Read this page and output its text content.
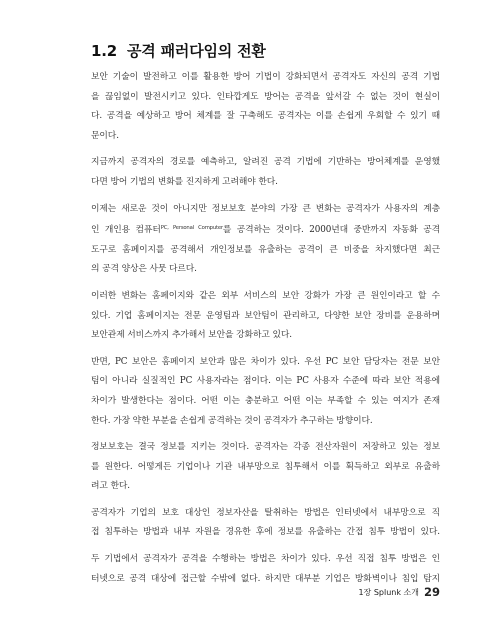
1.2 공격 패러다임의 전환
보안 기술이 발전하고 이를 활용한 방어 기법이 강화되면서 공격자도 자신의 공격 기법
을 끊임없이 발전시키고 있다. 인타깝게도 방어는 공격을 앞서갈 수 없는 것이 현실이
다. 공격을 예상하고 방어 체계를 잘 구축해도 공격자는 이를 손쉽게 우회할 수 있기 때
문이다.
지금까지 공격자의 경로를 예측하고, 알려진 공격 기법에 기반하는 방어체계를 운영했
다면 방어 기법의 변화를 진지하게 고려해야 한다.
이제는 새로운 것이 아니지만 정보보호 분야의 가장 큰 변화는 공격자가 사용자의 계층
인 개인용 컴퓨터$^{PC, Personal Computer}$를 공격하는 것이다. 2000년대 중반까지 자동화 공격
도구로 홈페이지를 공격해서 개인정보를 유출하는 공격이 큰 비중을 차지했다면 최근
의 공격 양상은 사뭇 다르다.
이러한 변화는 홈페이지와 같은 외부 서비스의 보안 강화가 가장 큰 원인이라고 할 수
있다. 기업 홈페이지는 전문 운영팀과 보안팀이 관리하고, 다양한 보안 장비를 운용하며
보안관제 서비스까지 추가해서 보안을 강화하고 있다.
반면, PC 보안은 홈페이지 보안과 많은 차이가 있다. 우선 PC 보안 담당자는 전문 보안
팀이 아니라 실질적인 PC 사용자라는 점이다. 이는 PC 사용자 수준에 따라 보안 적용에
차이가 발생한다는 점이다. 어떤 이는 충분하고 어떤 이는 부족할 수 있는 여지가 존재
한다. 가장 약한 부분을 손쉽게 공격하는 것이 공격자가 추구하는 방향이다.
정보보호는 결국 정보를 지키는 것이다. 공격자는 각종 전산자원이 저장하고 있는 정보
를 원한다. 어떻게든 기업이나 기관 내부망으로 침투해서 이를 획득하고 외부로 유출하
려고 한다.
공격자가 기업의 보호 대상인 정보자산을 탈취하는 방법은 인터넷에서 내부망으로 직
접 침투하는 방법과 내부 자원을 경유한 후에 정보를 유출하는 간접 침투 방법이 있다.
두 기법에서 공격자가 공격을 수행하는 방법은 차이가 있다. 우선 직접 침투 방법은 인
터넷으로 공격 대상에 접근할 수밖에 없다. 하지만 대부분 기업은 방화벽이나 침입 탐지
1장 Splunk 소개 29
